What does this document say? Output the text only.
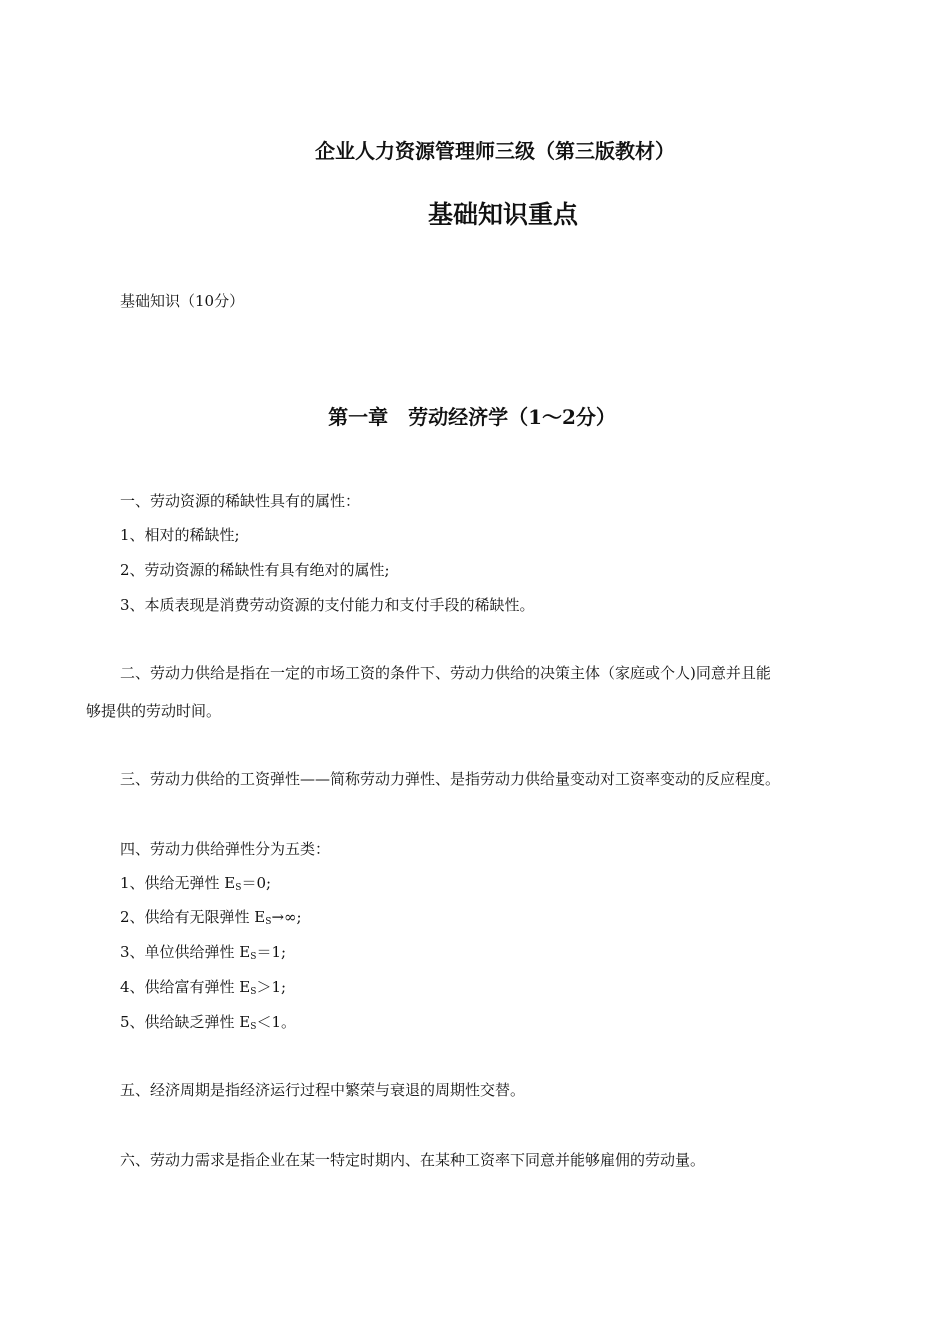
企业人力资源管理师三级（第三版教材）
基础知识重点
基础知识（10分）
第一章　劳动经济学（1～2分）
一、劳动资源的稀缺性具有的属性：
1、相对的稀缺性;
2、劳动资源的稀缺性有具有绝对的属性;
3、本质表现是消费劳动资源的支付能力和支付手段的稀缺性。
二、劳动力供给是指在一定的市场工资的条件下、劳动力供给的决策主体（家庭或个人)同意并且能
够提供的劳动时间。
三、劳动力供给的工资弹性——简称劳动力弹性、是指劳动力供给量变动对工资率变动的反应程度。
四、劳动力供给弹性分为五类：
1、供给无弹性 $E_S=0$;
2、供给有无限弹性 $E_S\to\infty$;
3、单位供给弹性 $E_S=1$;
4、供给富有弹性 $E_S>1$;
5、供给缺乏弹性 $E_S<1$。
五、经济周期是指经济运行过程中繁荣与衰退的周期性交替。
六、劳动力需求是指企业在某一特定时期内、在某种工资率下同意并能够雇佣的劳动量。
